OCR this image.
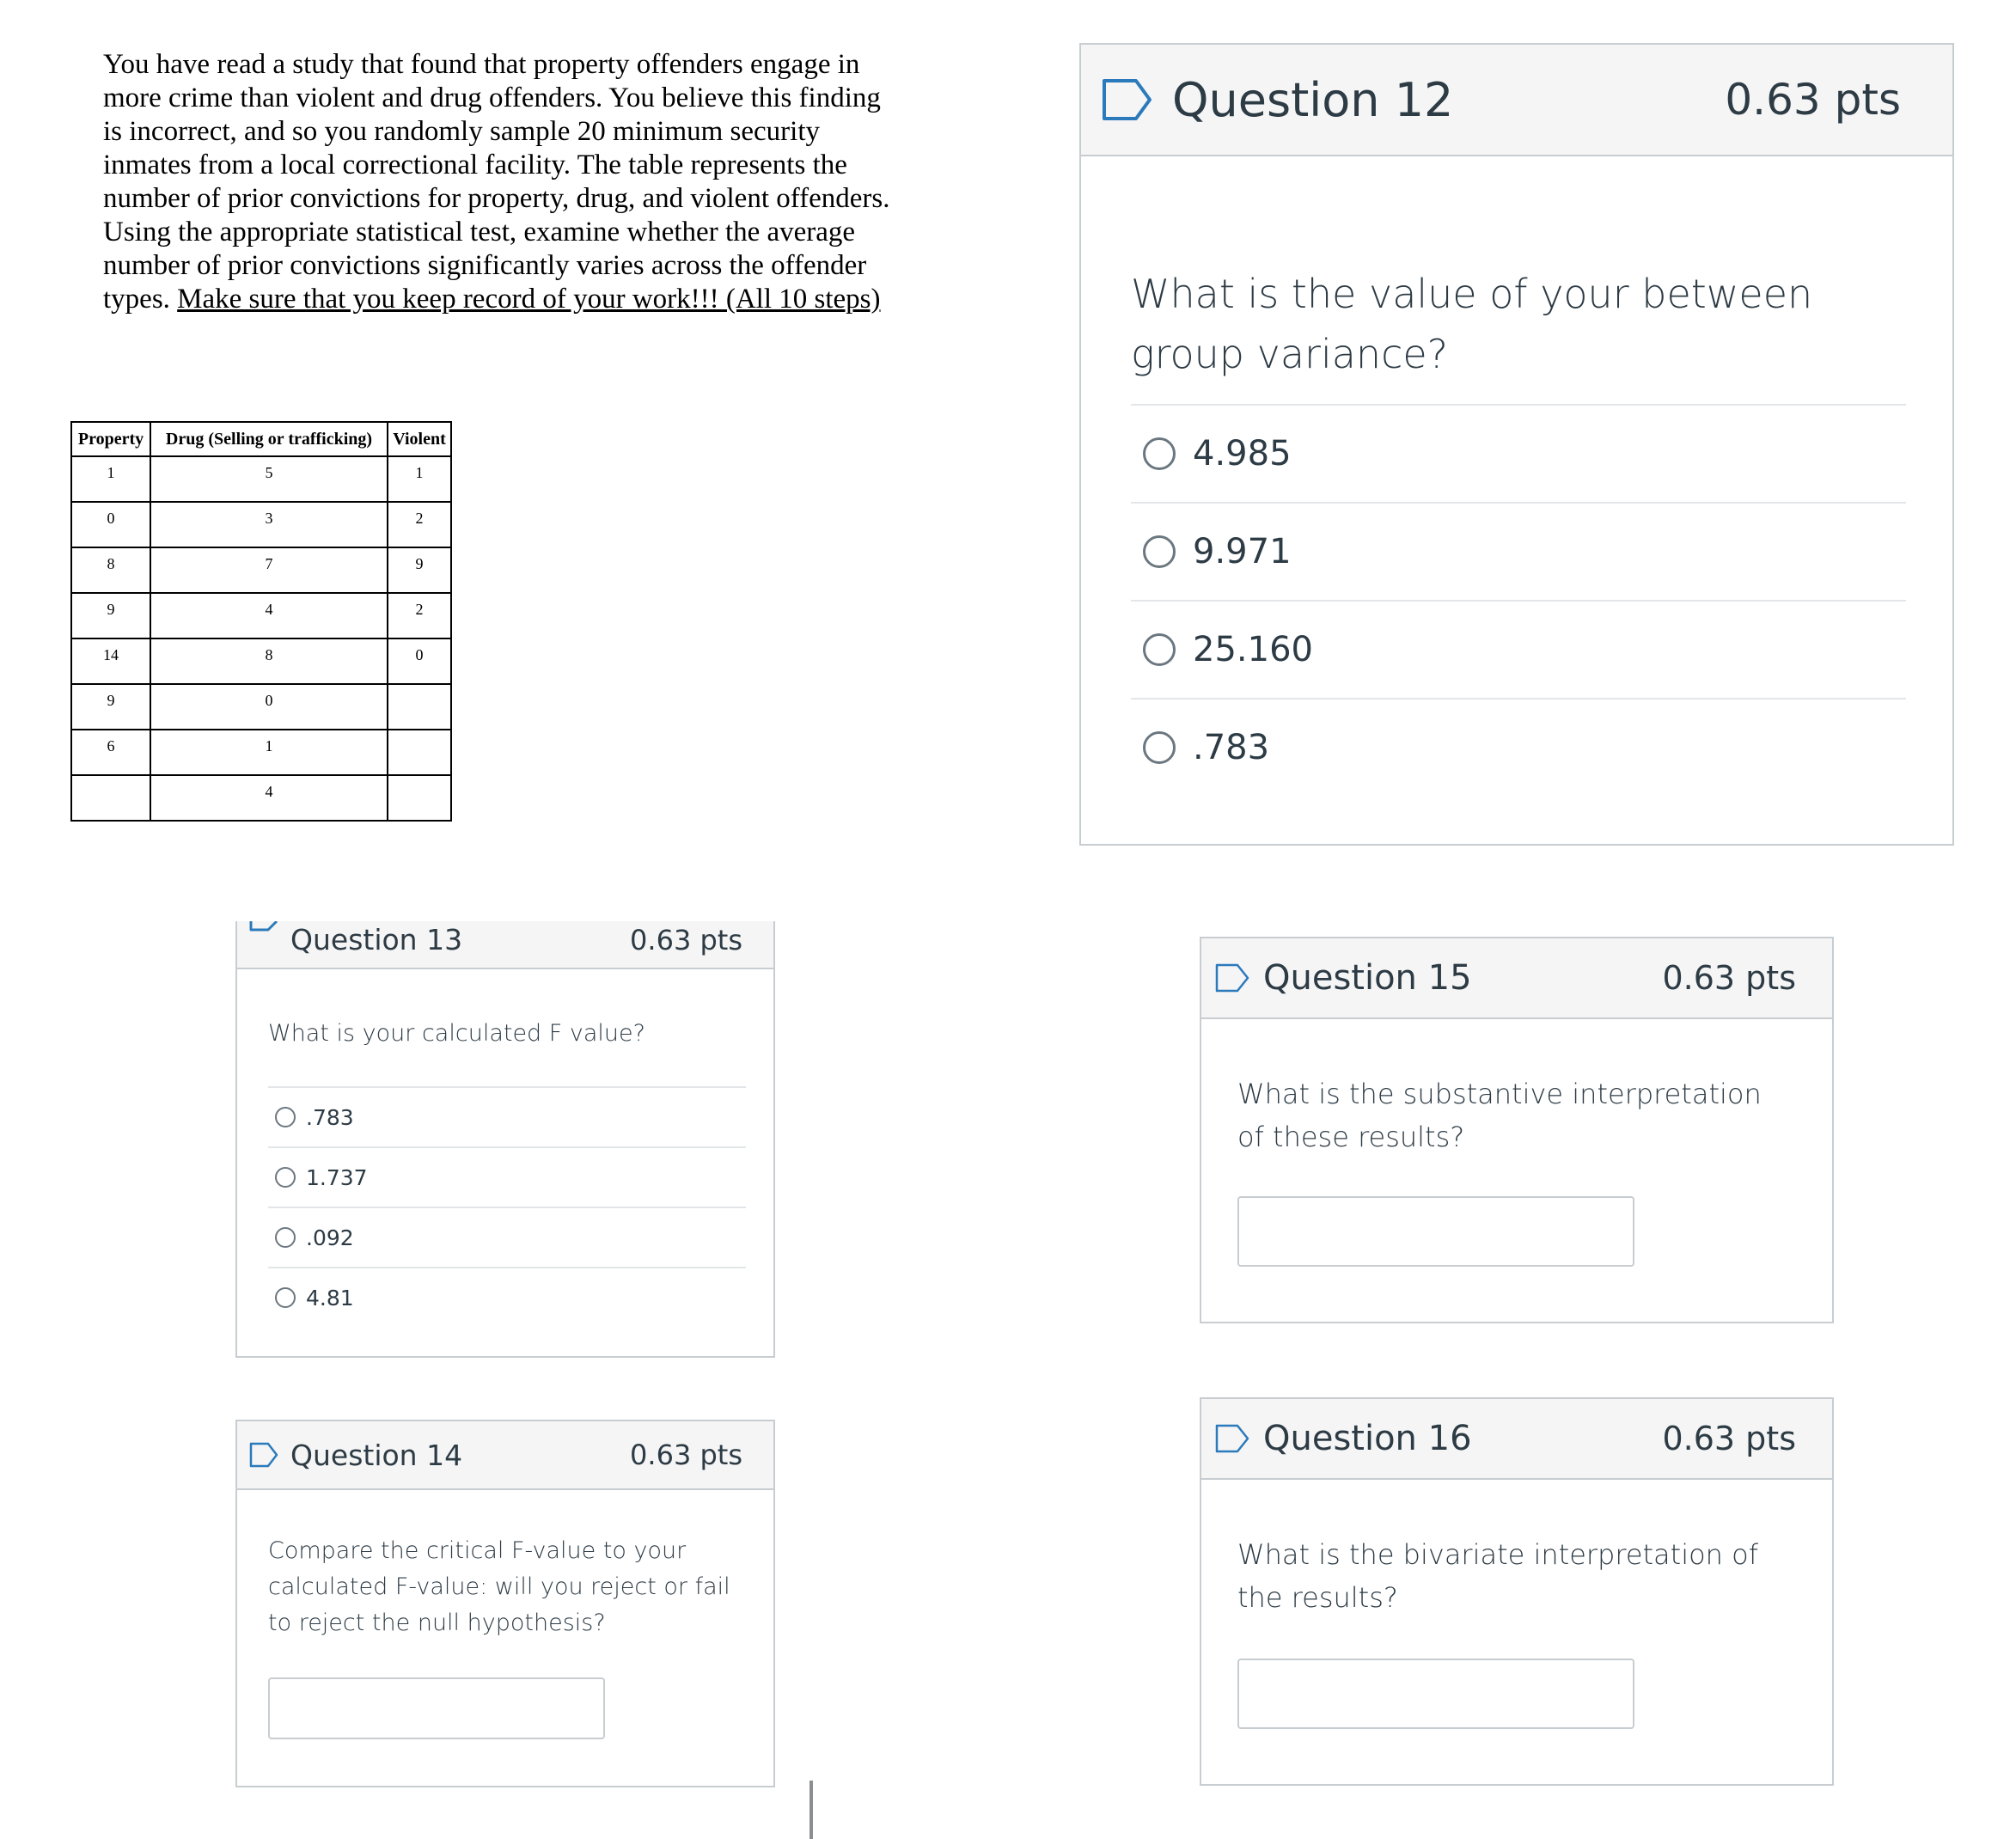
You have read a study that found that property offenders engage in more crime than violent and drug offenders. You believe this finding is incorrect, and so you randomly sample 20 minimum security inmates from a local correctional facility. The table represents the number of prior convictions for property, drug, and violent offenders. Using the appropriate statistical test, examine whether the average number of prior convictions significantly varies across the offender types. Make sure that you keep record of your work!!! (All 10 steps)
Property	Drug (Selling or trafficking)	Violent
1	5	1
0	3	2
8	7	9
9	4	2
14	8	0
9	0	
6	1	
	4	
Question 12	0.63 pts
What is the value of your between group variance?
4.985
9.971
25.160
.783
Question 13	0.63 pts
What is your calculated F value?
.783
1.737
.092
4.81
Question 14	0.63 pts
Compare the critical F-value to your calculated F-value: will you reject or fail to reject the null hypothesis?
Question 15	0.63 pts
What is the substantive interpretation of these results?
Question 16	0.63 pts
What is the bivariate interpretation of the results?
